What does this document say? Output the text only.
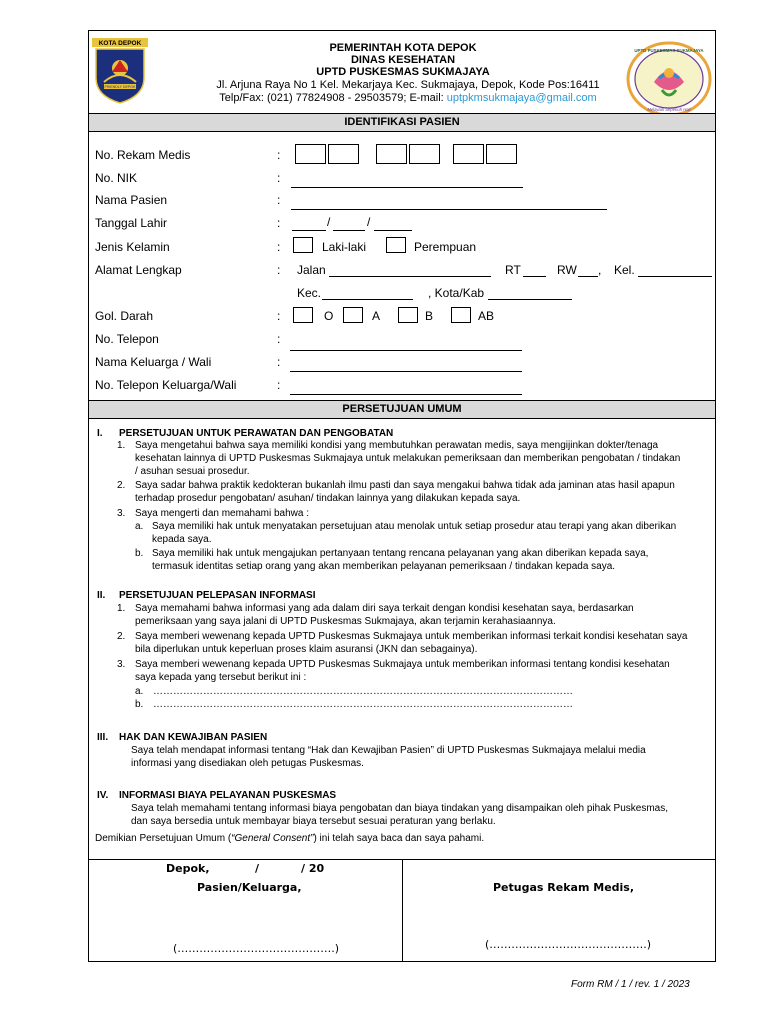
KOTA DEPOK
FRIENDLY DEPOK
UPTD PUSKESMAS SUKMAJAYA
Melayani Sepenuh Hati
PEMERINTAH KOTA DEPOK
DINAS KESEHATAN
UPTD PUSKESMAS SUKMAJAYA
Jl. Arjuna Raya No 1 Kel. Mekarjaya Kec. Sukmajaya, Depok, Kode Pos:16411
Telp/Fax: (021) 77824908 - 29503579; E-mail: uptpkmsukmajaya@gmail.com
IDENTIFIKASI PASIEN
No. Rekam Medis	:
No. NIK	:
Nama Pasien	:
Tanggal Lahir	:	/	/
Jenis Kelamin	:	Laki-laki	Perempuan
Alamat Lengkap	: Jalan	RT	RW , Kel.
Kec.	, Kota/Kab
Gol. Darah	:	O	A	B	AB
No. Telepon	:
Nama Keluarga / Wali	:
No. Telepon Keluarga/Wali	:
PERSETUJUAN UMUM
I. PERSETUJUAN UNTUK PERAWATAN DAN PENGOBATAN
1. Saya mengetahui bahwa saya memiliki kondisi yang membutuhkan perawatan medis, saya mengijinkan dokter/tenaga
kesehatan lainnya di UPTD Puskesmas Sukmajaya untuk melakukan pemeriksaan dan memberikan pengobatan / tindakan
/ asuhan sesuai prosedur.
2. Saya sadar bahwa praktik kedokteran bukanlah ilmu pasti dan saya mengakui bahwa tidak ada jaminan atas hasil apapun
terhadap prosedur pengobatan/ asuhan/ tindakan lainnya yang dilakukan kepada saya.
3. Saya mengerti dan memahami bahwa :
a. Saya memiliki hak untuk menyatakan persetujuan atau menolak untuk setiap prosedur atau terapi yang akan diberikan
kepada saya.
b. Saya memiliki hak untuk mengajukan pertanyaan tentang rencana pelayanan yang akan diberikan kepada saya,
termasuk identitas setiap orang yang akan memberikan pelayanan pemeriksaan / tindakan kepada saya.
II. PERSETUJUAN PELEPASAN INFORMASI
1. Saya memahami bahwa informasi yang ada dalam diri saya terkait dengan kondisi kesehatan saya, berdasarkan
pemeriksaan yang saya jalani di UPTD Puskesmas Sukmajaya, akan terjamin kerahasiaannya.
2. Saya memberi wewenang kepada UPTD Puskesmas Sukmajaya untuk memberikan informasi terkait kondisi kesehatan saya
bila diperlukan untuk keperluan proses klaim asuransi (JKN dan sebagainya).
3. Saya memberi wewenang kepada UPTD Puskesmas Sukmajaya untuk memberikan informasi tentang kondisi kesehatan
saya kepada yang tersebut berikut ini :
a. ………………………………………………………………………………………………………………
b. ………………………………………………………………………………………………………………
III. HAK DAN KEWAJIBAN PASIEN
Saya telah mendapat informasi tentang “Hak dan Kewajiban Pasien” di UPTD Puskesmas Sukmajaya melalui media
informasi yang disediakan oleh petugas Puskesmas.
IV. INFORMASI BIAYA PELAYANAN PUSKESMAS
Saya telah memahami tentang informasi biaya pengobatan dan biaya tindakan yang disampaikan oleh pihak Puskesmas,
dan saya bersedia untuk membayar biaya tersebut sesuai peraturan yang berlaku.
Demikian Persetujuan Umum (“General Consent”) ini telah saya baca dan saya pahami.
Depok,	/	/ 20
Pasien/Keluarga,	Petugas Rekam Medis,
(…………………………………….)	(…………………………………….)
Form RM / 1 / rev. 1 / 2023
